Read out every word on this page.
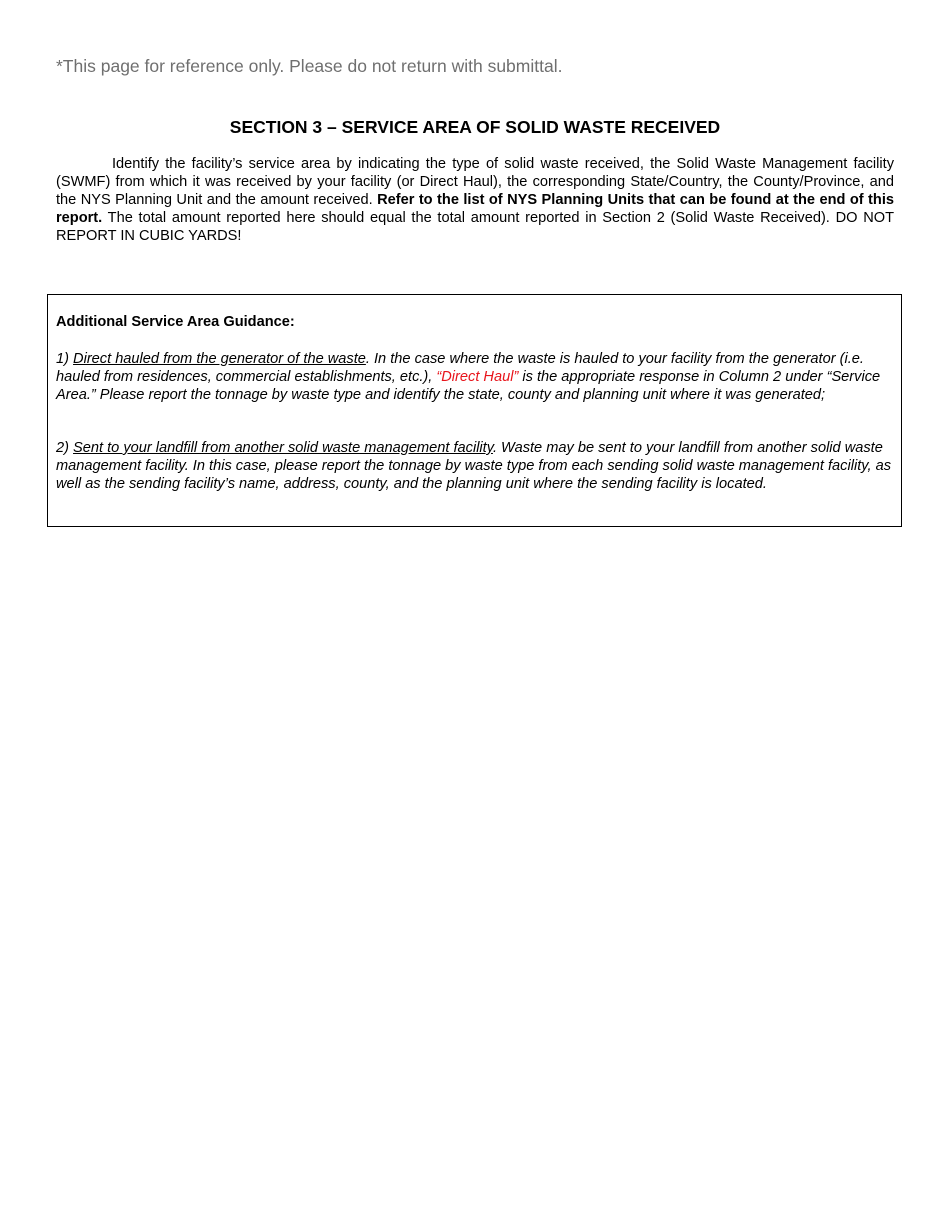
*This page for reference only. Please do not return with submittal.
SECTION 3 – SERVICE AREA OF SOLID WASTE RECEIVED

Identify the facility’s service area by indicating the type of solid waste received, the Solid Waste Management facility (SWMF) from which it was received by your facility (or Direct Haul), the corresponding State/Country, the County/Province, and the NYS Planning Unit and the amount received. Refer to the list of NYS Planning Units that can be found at the end of this report. The total amount reported here should equal the total amount reported in Section 2 (Solid Waste Received). DO NOT REPORT IN CUBIC YARDS!

Additional Service Area Guidance:

1) Direct hauled from the generator of the waste. In the case where the waste is hauled to your facility from the generator (i.e. hauled from residences, commercial establishments, etc.), “Direct Haul” is the appropriate response in Column 2 under “Service Area.” Please report the tonnage by waste type and identify the state, county and planning unit where it was generated;

2) Sent to your landfill from another solid waste management facility. Waste may be sent to your landfill from another solid waste management facility. In this case, please report the tonnage by waste type from each sending solid waste management facility, as well as the sending facility’s name, address, county, and the planning unit where the sending facility is located.
